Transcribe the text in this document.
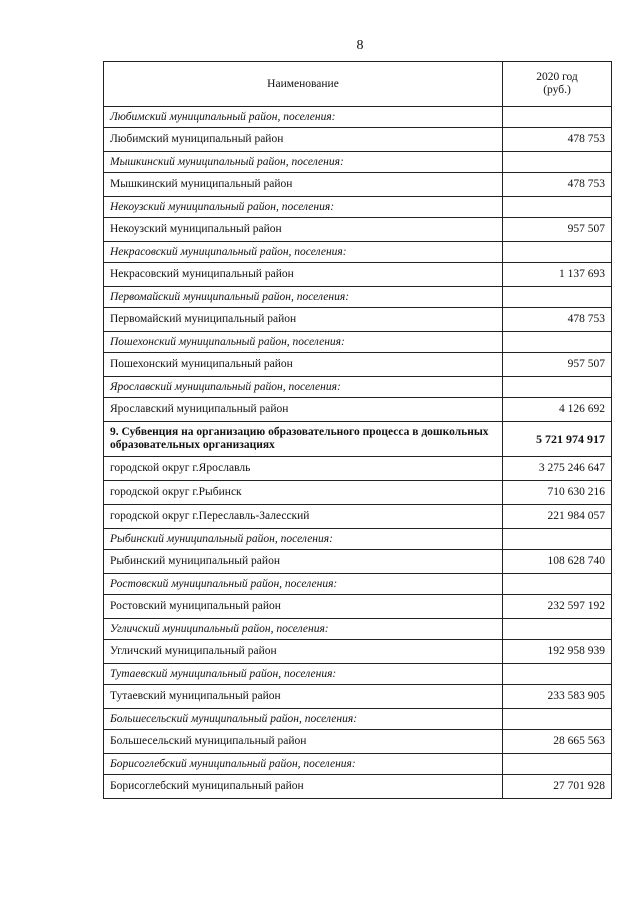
8
Наименование	2020 год
(руб.)
Любимский муниципальный район, поселения:	
Любимский муниципальный район	478 753
Мышкинский муниципальный район, поселения:	
Мышкинский муниципальный район	478 753
Некоузский муниципальный район, поселения:	
Некоузский муниципальный район	957 507
Некрасовский муниципальный район, поселения:	
Некрасовский муниципальный район	1 137 693
Первомайский муниципальный район, поселения:	
Первомайский муниципальный район	478 753
Пошехонский муниципальный район, поселения:	
Пошехонский муниципальный район	957 507
Ярославский муниципальный район, поселения:	
Ярославский муниципальный район	4 126 692
9. Субвенция на организацию образовательного процесса в дошкольных образовательных организациях	5 721 974 917
городской округ г.Ярославль	3 275 246 647
городской округ г.Рыбинск	710 630 216
городской округ г.Переславль-Залесский	221 984 057
Рыбинский муниципальный район, поселения:	
Рыбинский муниципальный район	108 628 740
Ростовский муниципальный район, поселения:	
Ростовский муниципальный район	232 597 192
Угличский муниципальный район, поселения:	
Угличский муниципальный район	192 958 939
Тутаевский муниципальный район, поселения:	
Тутаевский муниципальный район	233 583 905
Большесельский муниципальный район, поселения:	
Большесельский муниципальный район	28 665 563
Борисоглебский муниципальный район, поселения:	
Борисоглебский муниципальный район	27 701 928
